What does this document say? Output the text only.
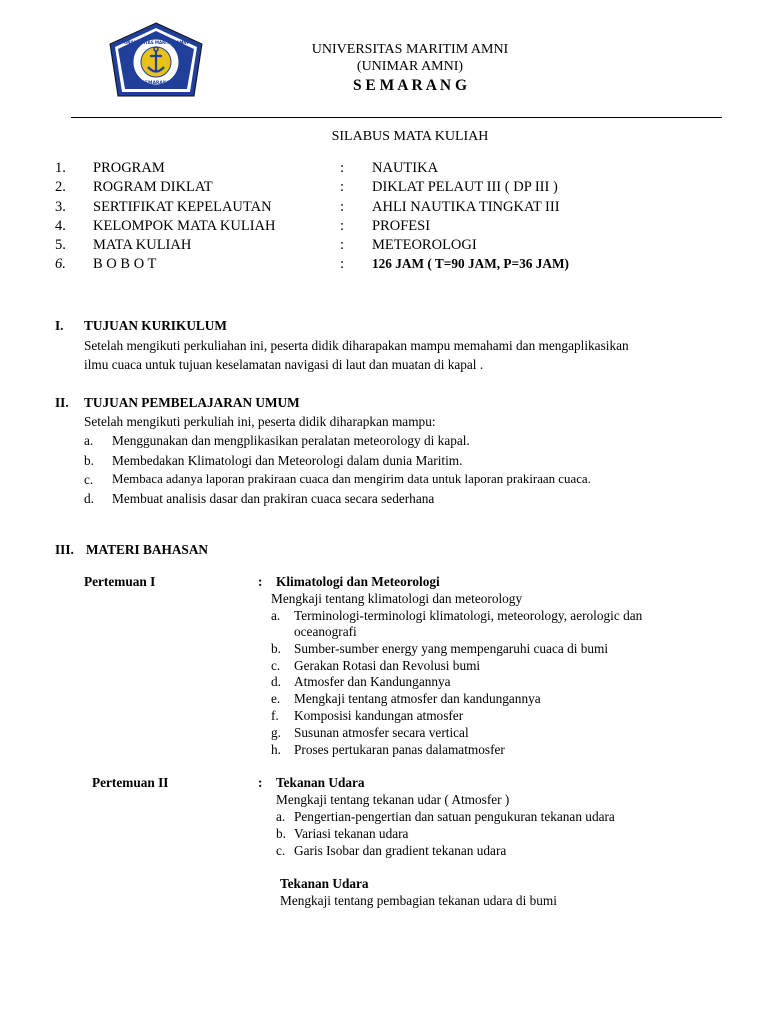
UNIVERSITAS MARITIM AMNI
SEMARANG
UNIVERSITAS MARITIM AMNI
(UNIMAR AMNI)
S E M A R A N G
SILABUS MATA KULIAH
1. PROGRAM	: NAUTIKA
2. ROGRAM DIKLAT	: DIKLAT PELAUT III ( DP III )
3. SERTIFIKAT KEPELAUTAN	: AHLI NAUTIKA TINGKAT III
4. KELOMPOK MATA KULIAH	: PROFESI
5. MATA KULIAH	: METEOROLOGI
6. B O B O T	: 126 JAM ( T=90 JAM, P=36 JAM)
I. TUJUAN KURIKULUM
Setelah mengikuti perkuliahan ini, peserta didik diharapakan mampu memahami dan mengaplikasikan
ilmu cuaca untuk tujuan keselamatan navigasi di laut dan muatan di kapal .
II. TUJUAN PEMBELAJARAN UMUM
Setelah mengikuti perkuliah ini, peserta didik diharapkan mampu:
a. Menggunakan dan mengplikasikan peralatan meteorology di kapal.
b. Membedakan Klimatologi dan Meteorologi dalam dunia Maritim.
c. Membaca adanya laporan prakiraan cuaca dan mengirim data untuk laporan prakiraan cuaca.
d. Membuat analisis dasar dan prakiran cuaca secara sederhana
III. MATERI BAHASAN
Pertemuan I	: Klimatologi dan Meteorologi
Mengkaji tentang klimatologi dan meteorology
a. Terminologi-terminologi klimatologi, meteorology, aerologic dan
oceanografi
b. Sumber-sumber energy yang mempengaruhi cuaca di bumi
c. Gerakan Rotasi dan Revolusi bumi
d. Atmosfer dan Kandungannya
e. Mengkaji tentang atmosfer dan kandungannya
f. Komposisi kandungan atmosfer
g. Susunan atmosfer secara vertical
h. Proses pertukaran panas dalamatmosfer
Pertemuan II	: Tekanan Udara
Mengkaji tentang tekanan udar ( Atmosfer )
a. Pengertian-pengertian dan satuan pengukuran tekanan udara
b. Variasi tekanan udara
c. Garis Isobar dan gradient tekanan udara
Tekanan Udara
Mengkaji tentang pembagian tekanan udara di bumi
